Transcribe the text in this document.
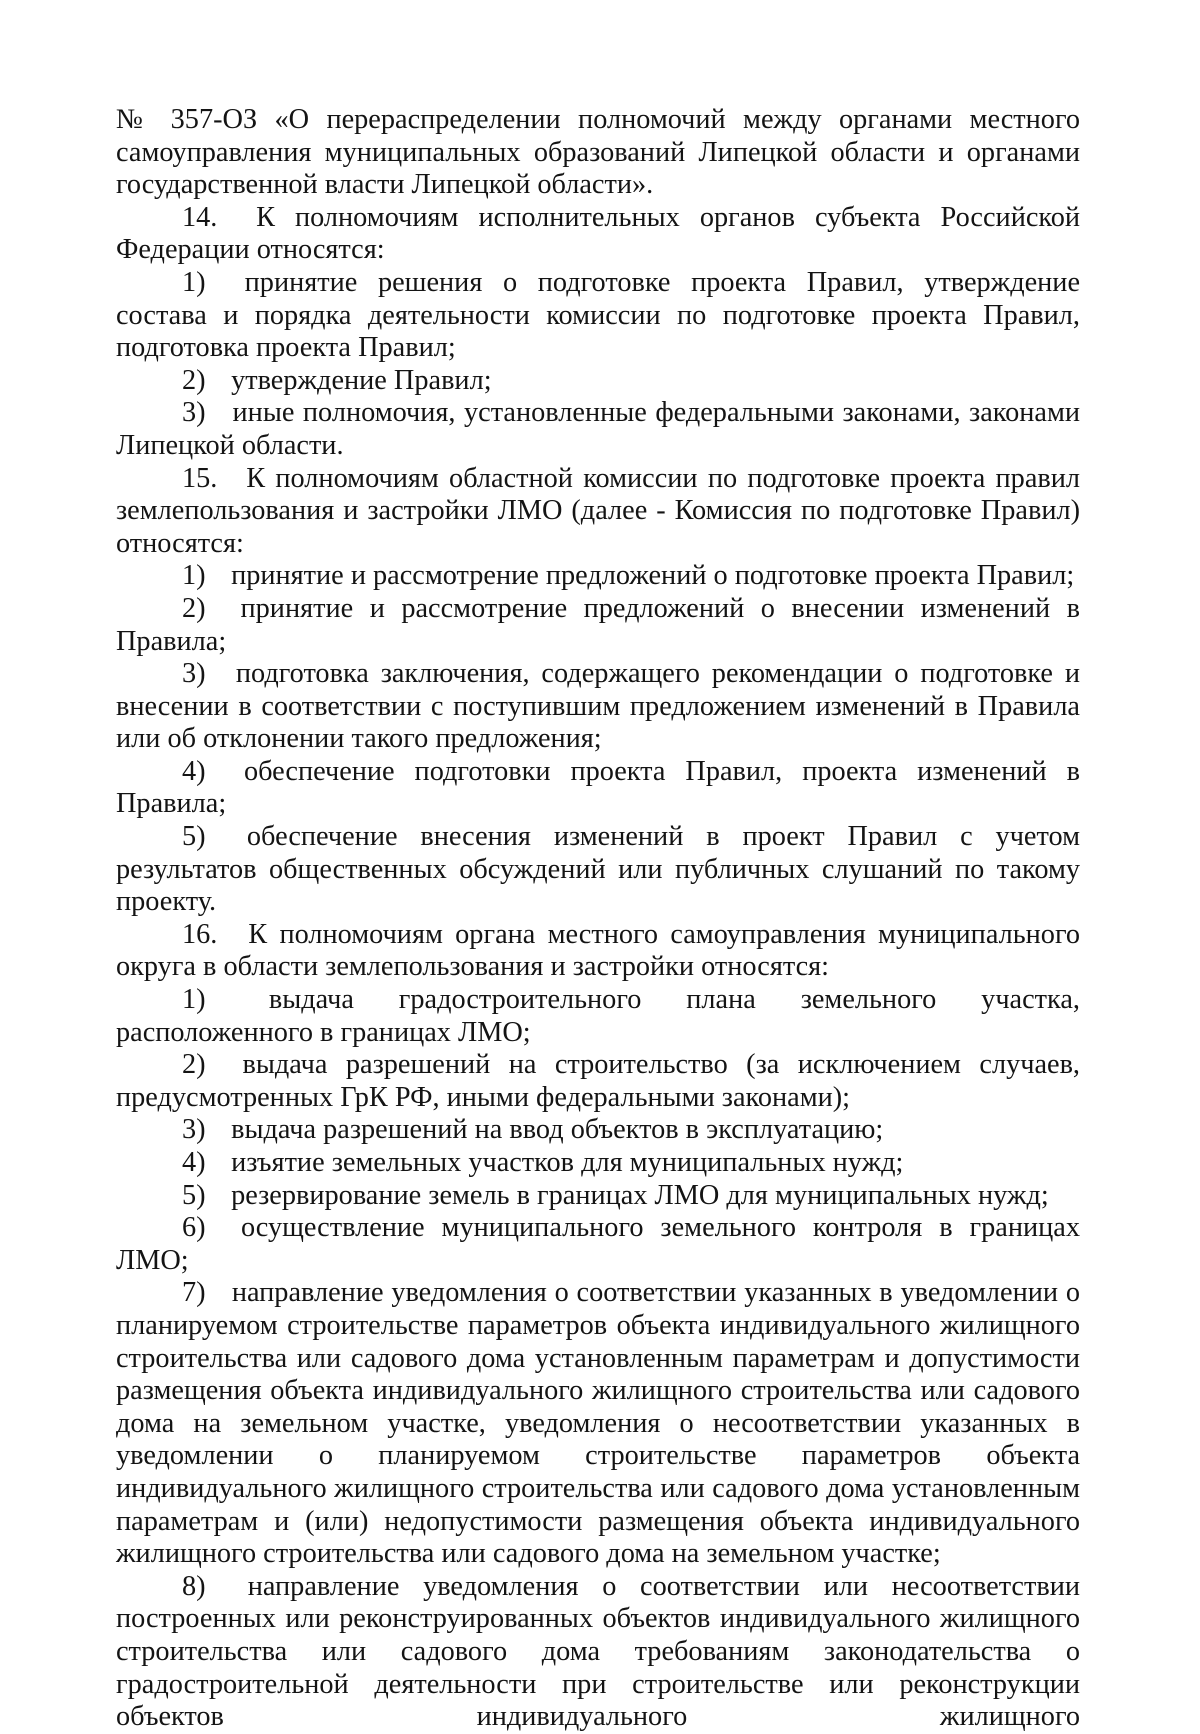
№ 357-ОЗ «О перераспределении полномочий между органами местного самоуправления муниципальных образований Липецкой области и органами государственной власти Липецкой области».

14. К полномочиям исполнительных органов субъекта Российской Федерации относятся:

1) принятие решения о подготовке проекта Правил, утверждение состава и порядка деятельности комиссии по подготовке проекта Правил, подготовка проекта Правил;

2) утверждение Правил;

3) иные полномочия, установленные федеральными законами, законами Липецкой области.

15. К полномочиям областной комиссии по подготовке проекта правил землепользования и застройки ЛМО (далее - Комиссия по подготовке Правил) относятся:

1) принятие и рассмотрение предложений о подготовке проекта Правил;

2) принятие и рассмотрение предложений о внесении изменений в Правила;

3) подготовка заключения, содержащего рекомендации о подготовке и внесении в соответствии с поступившим предложением изменений в Правила или об отклонении такого предложения;

4) обеспечение подготовки проекта Правил, проекта изменений в Правила;

5) обеспечение внесения изменений в проект Правил с учетом результатов общественных обсуждений или публичных слушаний по такому проекту.

16. К полномочиям органа местного самоуправления муниципального округа в области землепользования и застройки относятся:

1) выдача градостроительного плана земельного участка, расположенного в границах ЛМО;

2) выдача разрешений на строительство (за исключением случаев, предусмотренных ГрК РФ, иными федеральными законами);

3) выдача разрешений на ввод объектов в эксплуатацию;

4) изъятие земельных участков для муниципальных нужд;

5) резервирование земель в границах ЛМО для муниципальных нужд;

6) осуществление муниципального земельного контроля в границах ЛМО;

7) направление уведомления о соответствии указанных в уведомлении о планируемом строительстве параметров объекта индивидуального жилищного строительства или садового дома установленным параметрам и допустимости размещения объекта индивидуального жилищного строительства или садового дома на земельном участке, уведомления о несоответствии указанных в уведомлении о планируемом строительстве параметров объекта индивидуального жилищного строительства или садового дома установленным параметрам и (или) недопустимости размещения объекта индивидуального жилищного строительства или садового дома на земельном участке;

8) направление уведомления о соответствии или несоответствии построенных или реконструированных объектов индивидуального жилищного строительства или садового дома требованиям законодательства о градостроительной деятельности при строительстве или реконструкции объектов индивидуального жилищного
